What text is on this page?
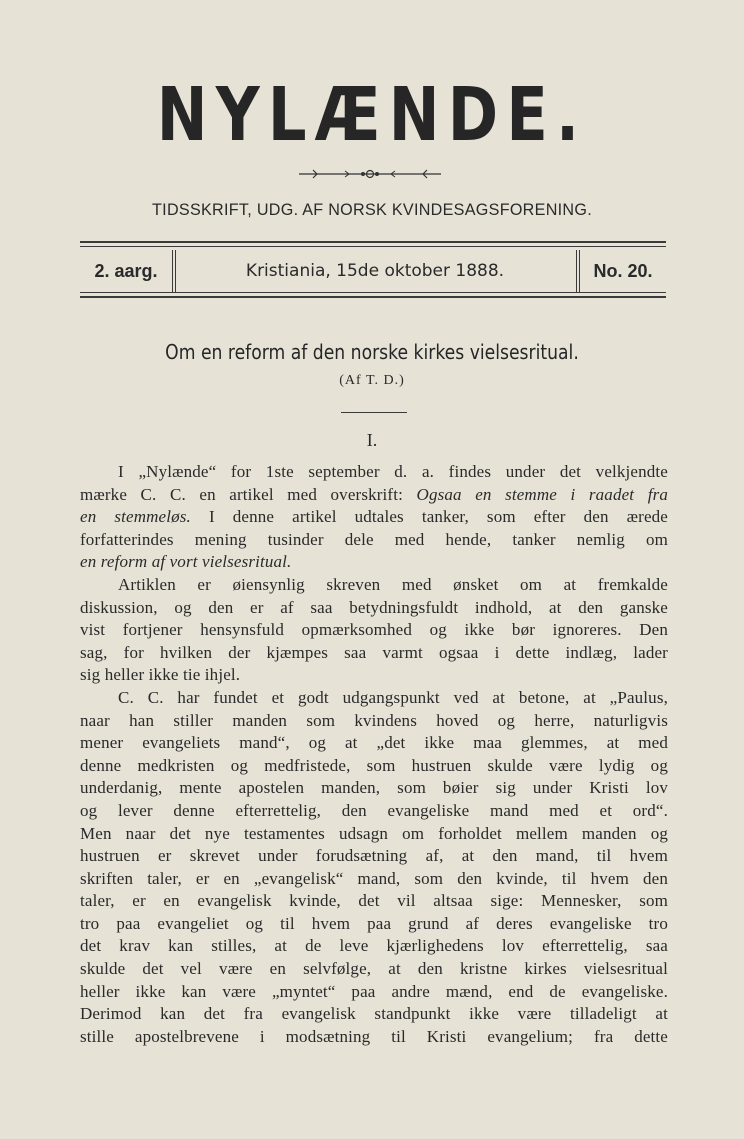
NYLÆNDE.
TIDSSKRIFT, UDG. AF NORSK KVINDESAGSFORENING.
2. aarg.	Kristiania, 15de oktober 1888.	No. 20.
Om en reform af den norske kirkes vielsesritual.
(Af T. D.)
I.
I „Nylænde“ for 1ste september d. a. findes under det velkjendte
mærke C. C. en artikel med overskrift: Ogsaa en stemme i raadet fra
en stemmeløs. I denne artikel udtales tanker, som efter den ærede
forfatterindes mening tusinder dele med hende, tanker nemlig om
en reform af vort vielsesritual.
Artiklen er øiensynlig skreven med ønsket om at fremkalde
diskussion, og den er af saa betydningsfuldt indhold, at den ganske
vist fortjener hensynsfuld opmærksomhed og ikke bør ignoreres. Den
sag, for hvilken der kjæmpes saa varmt ogsaa i dette indlæg, lader
sig heller ikke tie ihjel.
C. C. har fundet et godt udgangspunkt ved at betone, at „Paulus,
naar han stiller manden som kvindens hoved og herre, naturligvis
mener evangeliets mand“, og at „det ikke maa glemmes, at med
denne medkristen og medfristede, som hustruen skulde være lydig og
underdanig, mente apostelen manden, som bøier sig under Kristi lov
og lever denne efterrettelig, den evangeliske mand med et ord“.
Men naar det nye testamentes udsagn om forholdet mellem manden og
hustruen er skrevet under forudsætning af, at den mand, til hvem
skriften taler, er en „evangelisk“ mand, som den kvinde, til hvem den
taler, er en evangelisk kvinde, det vil altsaa sige: Mennesker, som
tro paa evangeliet og til hvem paa grund af deres evangeliske tro
det krav kan stilles, at de leve kjærlighedens lov efterrettelig, saa
skulde det vel være en selvfølge, at den kristne kirkes vielsesritual
heller ikke kan være „myntet“ paa andre mænd, end de evangeliske.
Derimod kan det fra evangelisk standpunkt ikke være tilladeligt at
stille apostelbrevene i modsætning til Kristi evangelium; fra dette
